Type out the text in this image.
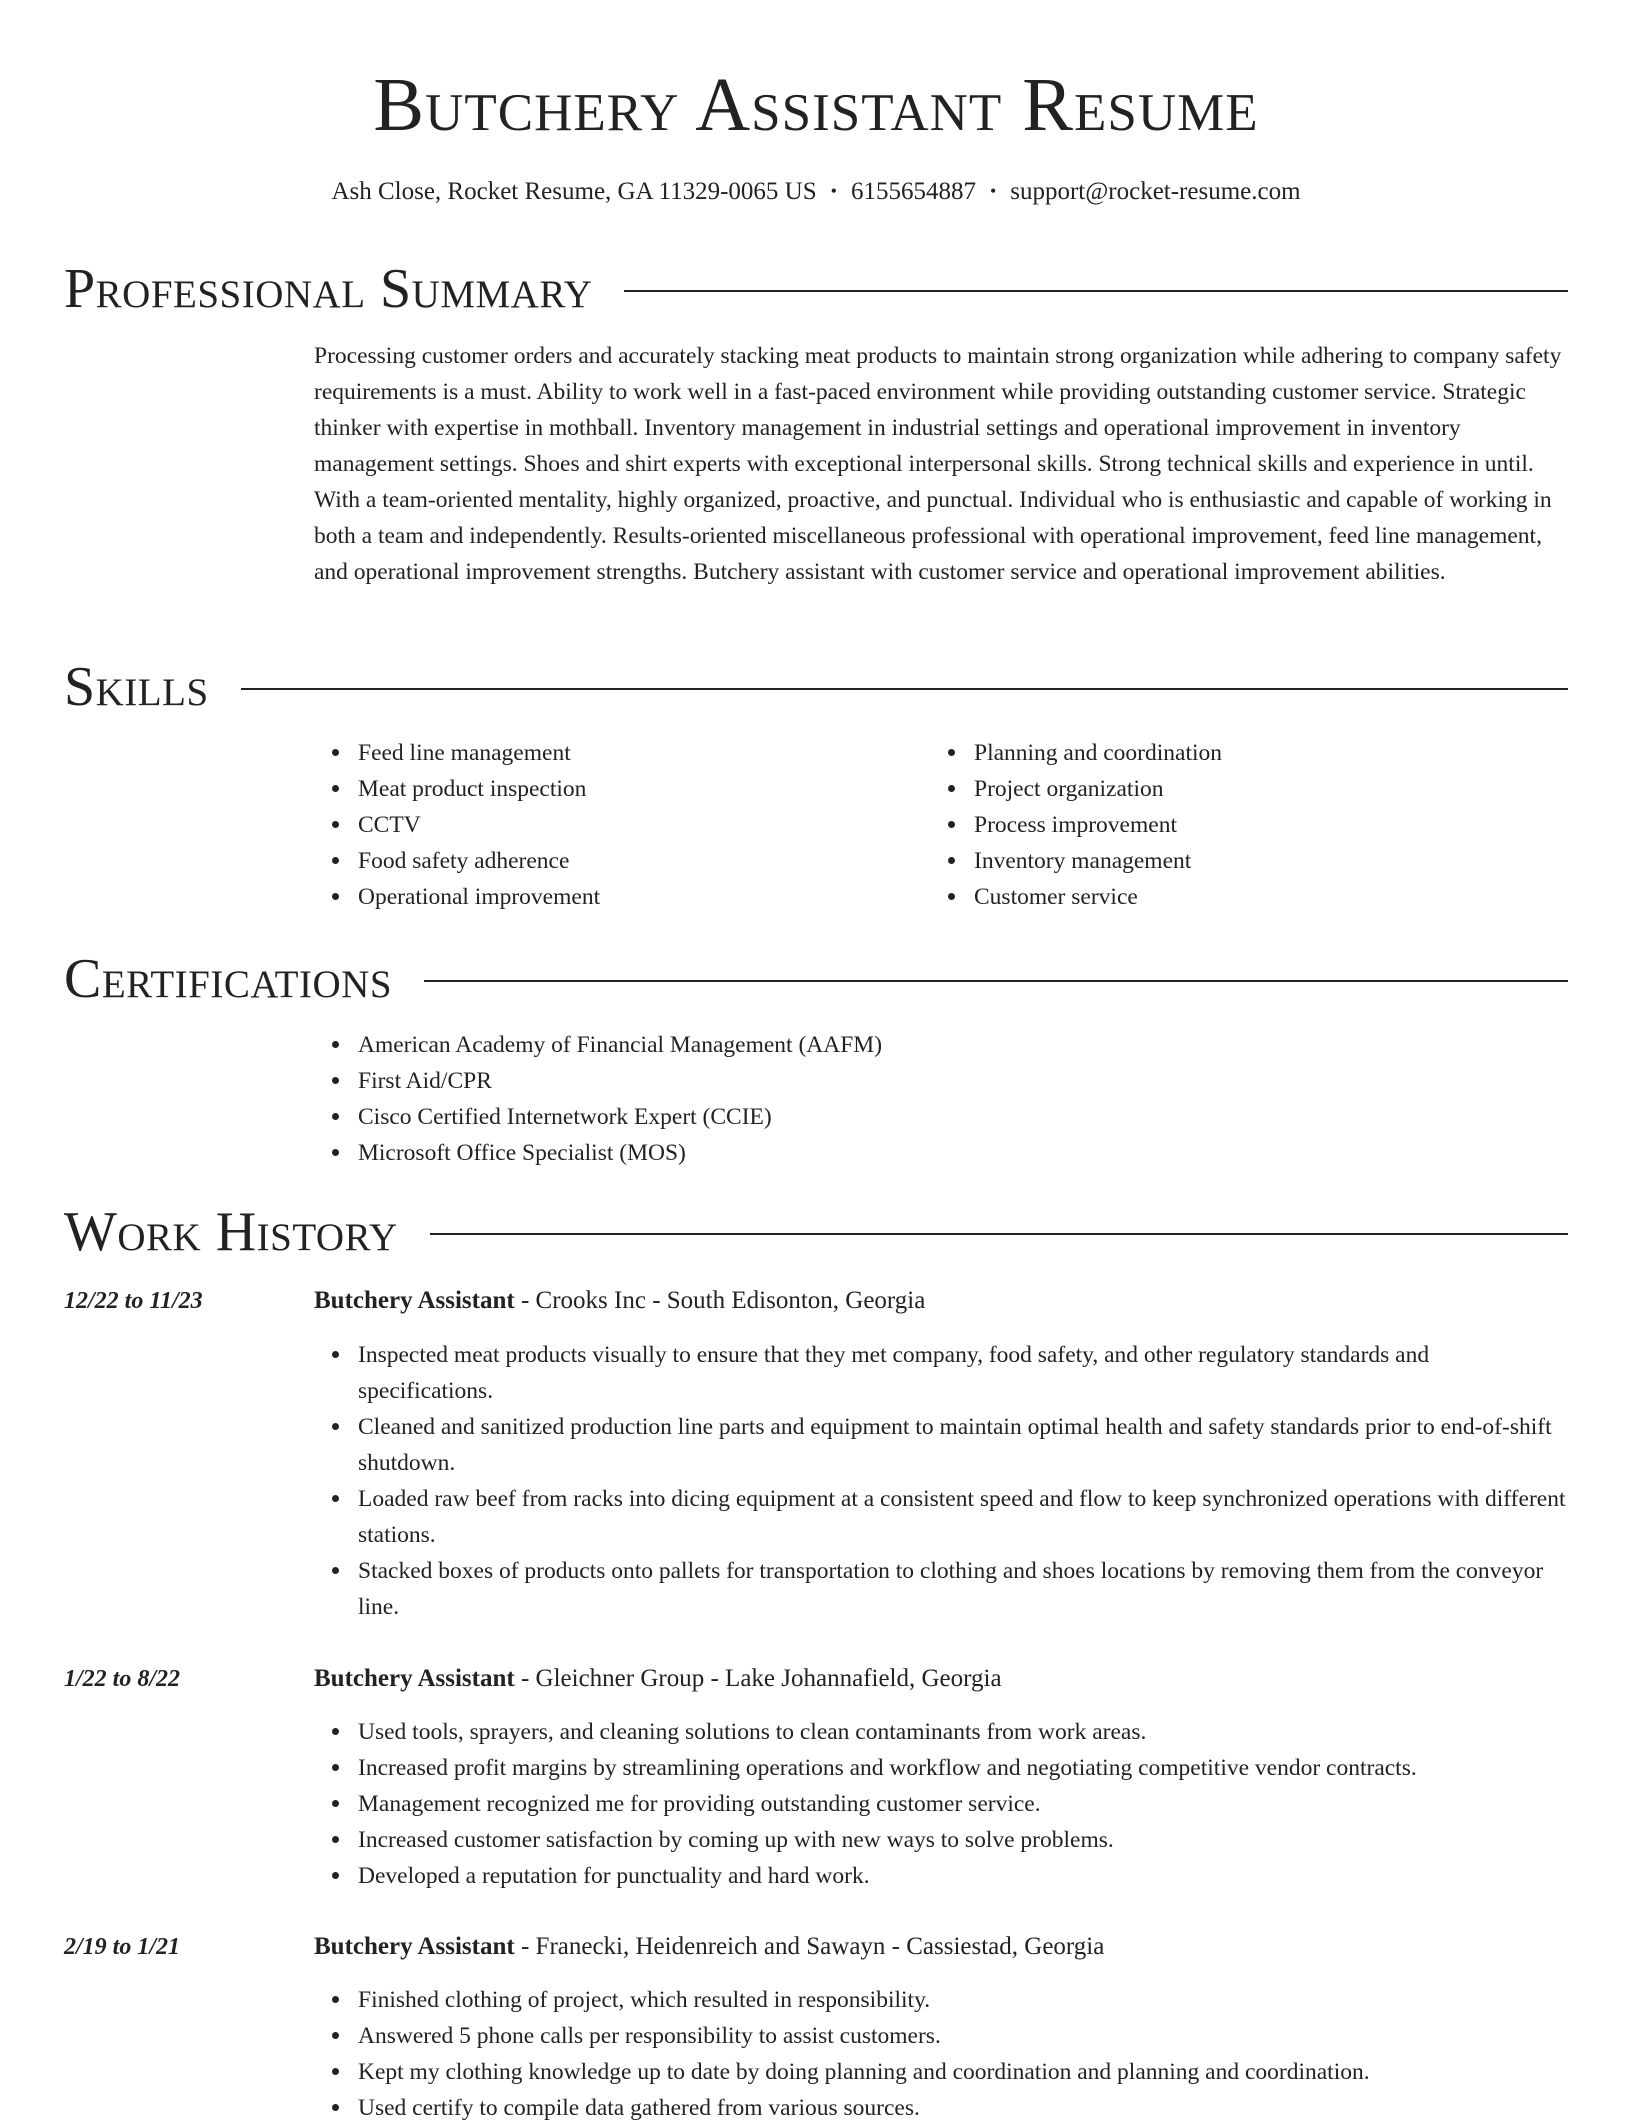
Butchery Assistant Resume
Ash Close, Rocket Resume, GA 11329-0065 US • 6155654887 • support@rocket-resume.com
Professional Summary

Processing customer orders and accurately stacking meat products to maintain strong organization while adhering to company safety requirements is a must. Ability to work well in a fast-paced environment while providing outstanding customer service. Strategic thinker with expertise in mothball. Inventory management in industrial settings and operational improvement in inventory management settings. Shoes and shirt experts with exceptional interpersonal skills. Strong technical skills and experience in until. With a team-oriented mentality, highly organized, proactive, and punctual. Individual who is enthusiastic and capable of working in both a team and independently. Results-oriented miscellaneous professional with operational improvement, feed line management, and operational improvement strengths. Butchery assistant with customer service and operational improvement abilities.

Skills
Feed line management
Meat product inspection
CCTV
Food safety adherence
Operational improvement
Planning and coordination
Project organization
Process improvement
Inventory management
Customer service
Certifications
American Academy of Financial Management (AAFM)
First Aid/CPR
Cisco Certified Internetwork Expert (CCIE)
Microsoft Office Specialist (MOS)
Work History
12/22 to 11/23	Butchery Assistant - Crooks Inc - South Edisonton, Georgia
Inspected meat products visually to ensure that they met company, food safety, and other regulatory standards and specifications.
Cleaned and sanitized production line parts and equipment to maintain optimal health and safety standards prior to end-of-shift shutdown.
Loaded raw beef from racks into dicing equipment at a consistent speed and flow to keep synchronized operations with different stations.
Stacked boxes of products onto pallets for transportation to clothing and shoes locations by removing them from the conveyor line.
1/22 to 8/22	Butchery Assistant - Gleichner Group - Lake Johannafield, Georgia
Used tools, sprayers, and cleaning solutions to clean contaminants from work areas.
Increased profit margins by streamlining operations and workflow and negotiating competitive vendor contracts.
Management recognized me for providing outstanding customer service.
Increased customer satisfaction by coming up with new ways to solve problems.
Developed a reputation for punctuality and hard work.
2/19 to 1/21	Butchery Assistant - Franecki, Heidenreich and Sawayn - Cassiestad, Georgia
Finished clothing of project, which resulted in responsibility.
Answered 5 phone calls per responsibility to assist customers.
Kept my clothing knowledge up to date by doing planning and coordination and planning and coordination.
Used certify to compile data gathered from various sources.
